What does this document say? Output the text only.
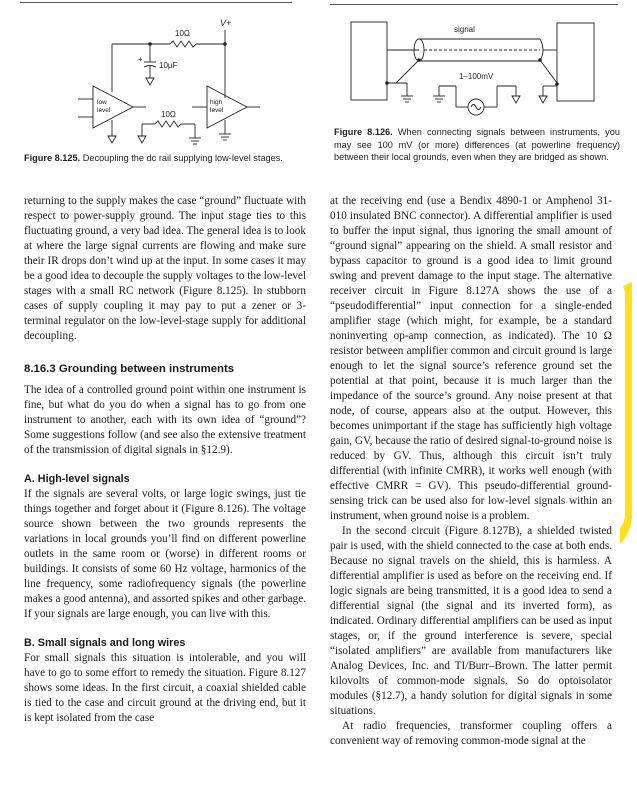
V+
10Ω
+
10µF
low
level	10Ω
high
level
Figure 8.125. Decoupling the dc rail supplying low-level stages.
signal
1–100mV
Figure 8.126. When connecting signals between instruments, you may see 100 mV (or more) differences (at powerline frequency) between their local grounds, even when they are bridged as shown.

returning to the supply makes the case “ground” fluctuate with respect to power-supply ground. The input stage ties to this fluctuating ground, a very bad idea. The general idea is to look at where the large signal currents are flowing and make sure their IR drops don’t wind up at the input. In some cases it may be a good idea to decouple the supply voltages to the low-level stages with a small RC network (Figure 8.125). In stubborn cases of supply coupling it may pay to put a zener or 3-terminal regulator on the low-level-stage supply for additional decoupling.

8.16.3 Grounding between instruments

The idea of a controlled ground point within one instrument is fine, but what do you do when a signal has to go from one instrument to another, each with its own idea of “ground”? Some suggestions follow (and see also the extensive treatment of the transmission of digital signals in §12.9).

A. High-level signals

If the signals are several volts, or large logic swings, just tie things together and forget about it (Figure 8.126). The voltage source shown between the two grounds represents the variations in local grounds you’ll find on different powerline outlets in the same room or (worse) in different rooms or buildings. It consists of some 60 Hz voltage, harmonics of the line frequency, some radiofrequency signals (the powerline makes a good antenna), and assorted spikes and other garbage. If your signals are large enough, you can live with this.

B. Small signals and long wires

For small signals this situation is intolerable, and you will have to go to some effort to remedy the situation. Figure 8.127 shows some ideas. In the first circuit, a coaxial shielded cable is tied to the case and circuit ground at the driving end, but it is kept isolated from the case

at the receiving end (use a Bendix 4890-1 or Amphenol 31-010 insulated BNC connector). A differential amplifier is used to buffer the input signal, thus ignoring the small amount of “ground signal” appearing on the shield. A small resistor and bypass capacitor to ground is a good idea to limit ground swing and prevent damage to the input stage. The alternative receiver circuit in Figure 8.127A shows the use of a “pseudodifferential” input connection for a single-ended amplifier stage (which might, for example, be a standard noninverting op-amp connection, as indicated). The 10 Ω resistor between amplifier common and circuit ground is large enough to let the signal source’s reference ground set the potential at that point, because it is much larger than the impedance of the source’s ground. Any noise present at that node, of course, appears also at the output. However, this becomes unimportant if the stage has sufficiently high voltage gain, GV, because the ratio of desired signal-to-ground noise is reduced by GV. Thus, although this circuit isn’t truly differential (with infinite CMRR), it works well enough (with effective CMRR = GV). This pseudo-differential ground-sensing trick can be used also for low-level signals within an instrument, when ground noise is a problem.

In the second circuit (Figure 8.127B), a shielded twisted pair is used, with the shield connected to the case at both ends. Because no signal travels on the shield, this is harmless. A differential amplifier is used as before on the receiving end. If logic signals are being transmitted, it is a good idea to send a differential signal (the signal and its inverted form), as indicated. Ordinary differential amplifiers can be used as input stages, or, if the ground interference is severe, special “isolated amplifiers” are available from manufacturers like Analog Devices, Inc. and TI/Burr–Brown. The latter permit kilovolts of common-mode signals. So do optoisolator modules (§12.7), a handy solution for digital signals in some situations.

At radio frequencies, transformer coupling offers a convenient way of removing common-mode signal at the
